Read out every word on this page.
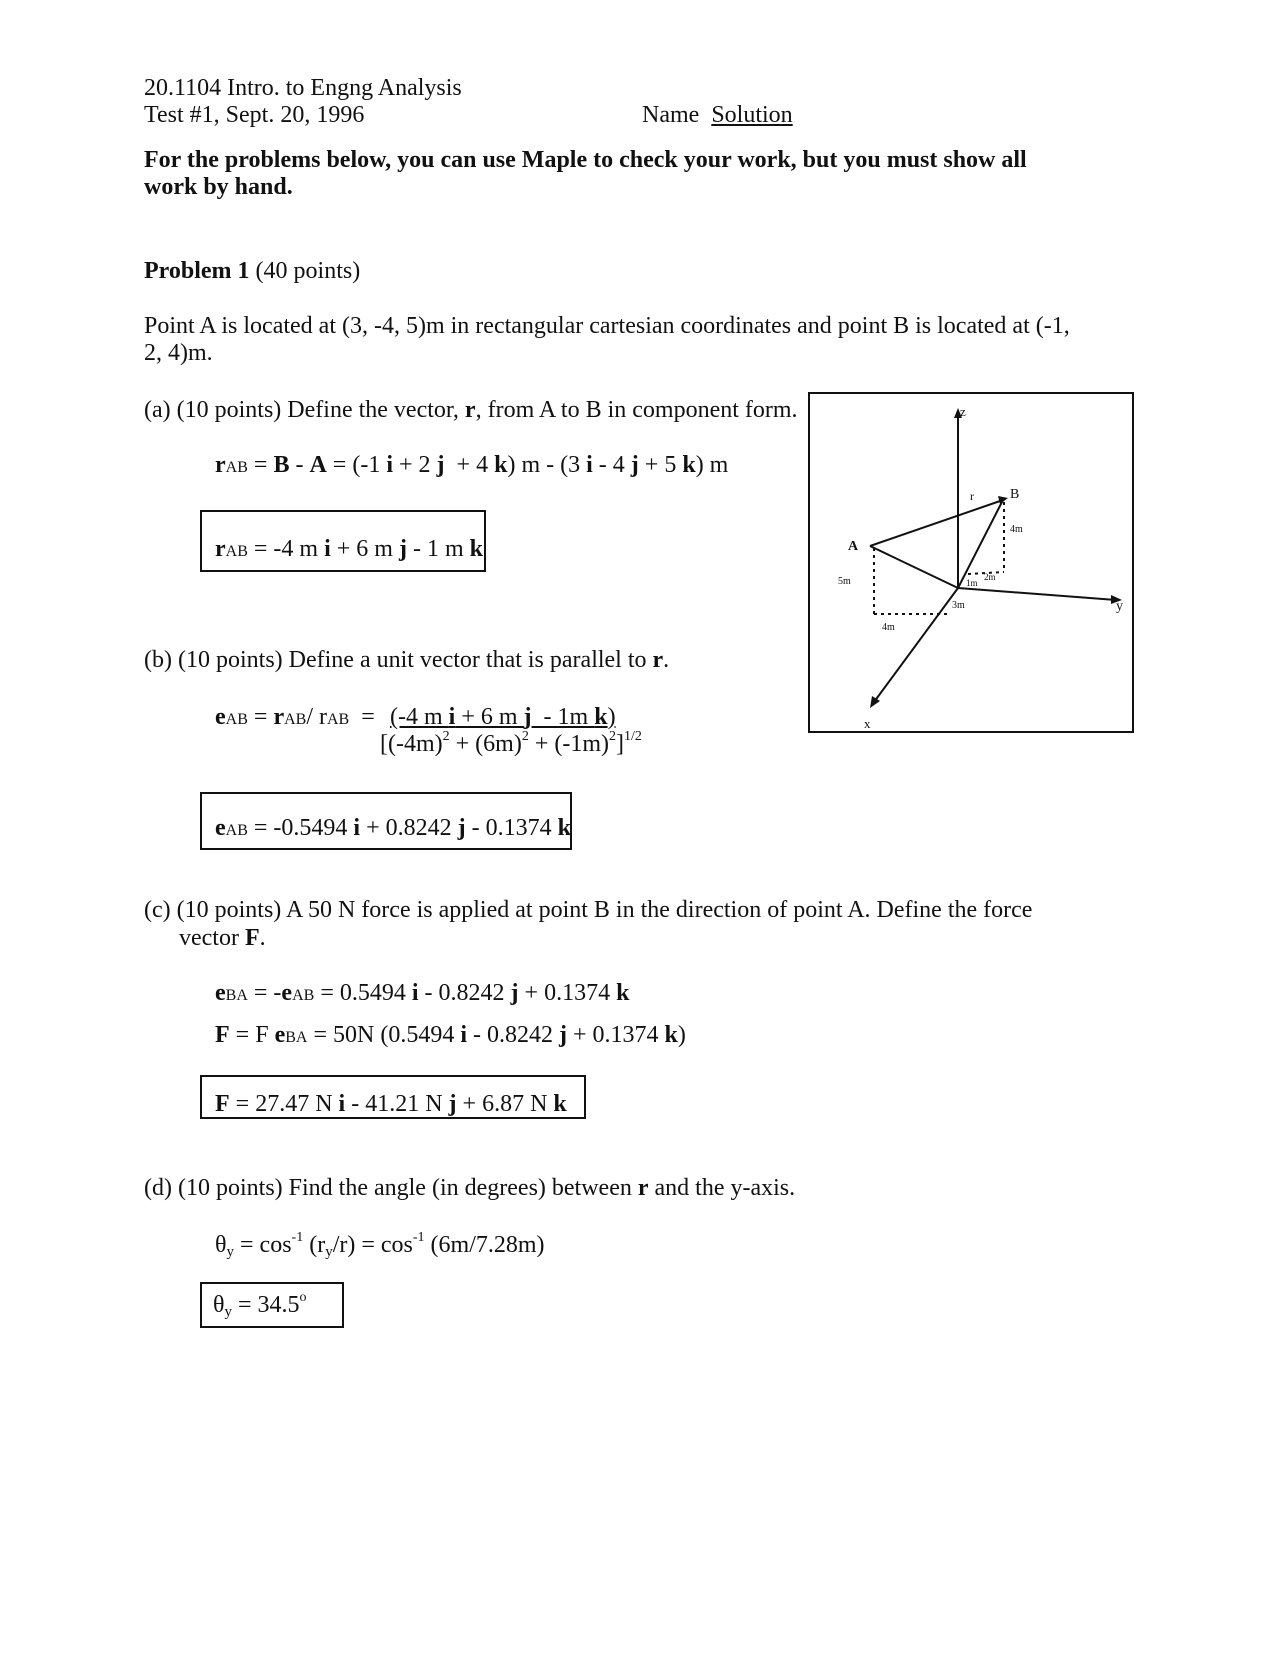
20.1104 Intro. to Engng Analysis
Test #1, Sept. 20, 1996	Name Solution
For the problems below, you can use Maple to check your work, but you must show all
work by hand.
Problem 1 (40 points)
Point A is located at (3, -4, 5)m in rectangular cartesian coordinates and point B is located at (-1,
2, 4)m.
(a) (10 points) Define the vector, r, from A to B in component form.
rAB = B - A = (-1 i + 2 j  + 4 k) m - (3 i - 4 j + 5 k) m
rAB = -4 m i + 6 m j - 1 m k
z
y
x
A
B
r
5m
4m
3m
4m
1m
2m
(b) (10 points) Define a unit vector that is parallel to r.
eAB = rAB/ rAB  = (-4 m i + 6 m j  - 1m k)
$[(-4m)^2 + (6m)^2 + (-1m)^2]^{1/2}$
eAB = -0.5494 i + 0.8242 j - 0.1374 k
(c) (10 points) A 50 N force is applied at point B in the direction of point A. Define the force
vector F.
eBA = -eAB = 0.5494 i - 0.8242 j + 0.1374 k
F = F eBA = 50N (0.5494 i - 0.8242 j + 0.1374 k)
F = 27.47 N i - 41.21 N j + 6.87 N k
(d) (10 points) Find the angle (in degrees) between r and the y-axis.
$\theta_y = \cos^{-1} (r_y/r) = \cos^{-1} (6m/7.28m)$
$\theta_y = 34.5^o$
